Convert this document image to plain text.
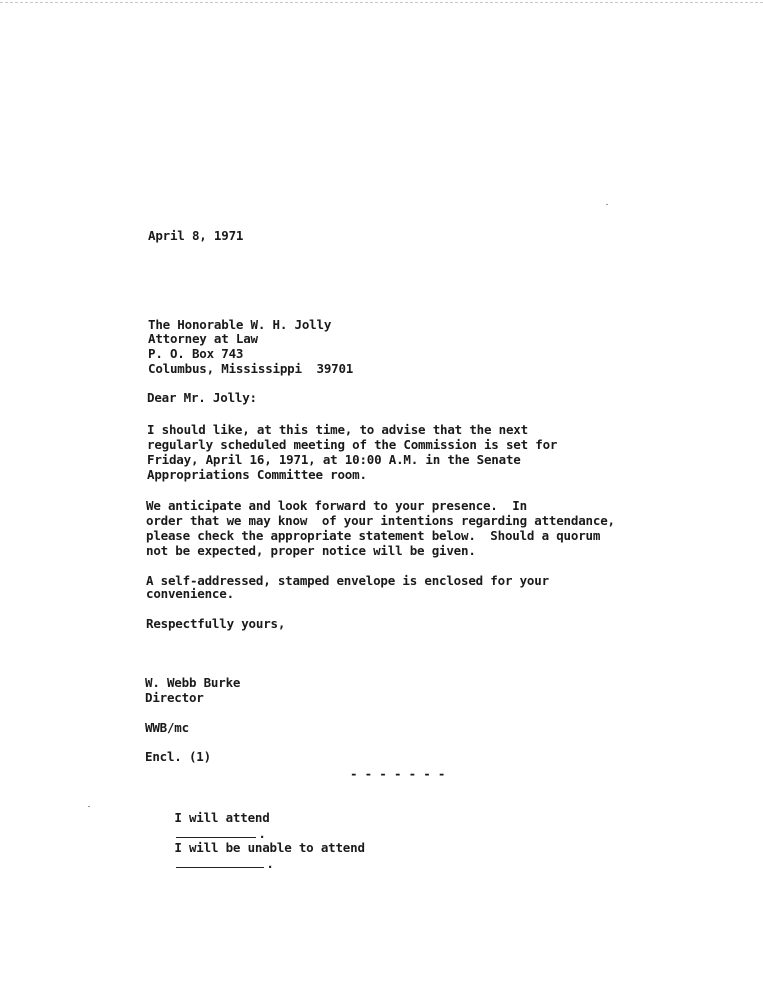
April 8, 1971
The Honorable W. H. Jolly
Attorney at Law
P. O. Box 743
Columbus, Mississippi  39701
Dear Mr. Jolly:
I should like, at this time, to advise that the next
regularly scheduled meeting of the Commission is set for
Friday, April 16, 1971, at 10:00 A.M. in the Senate
Appropriations Committee room.
We anticipate and look forward to your presence.  In
order that we may know  of your intentions regarding attendance,
please check the appropriate statement below.  Should a quorum
not be expected, proper notice will be given.
A self-addressed, stamped envelope is enclosed for your
convenience.
Respectfully yours,
W. Webb Burke
Director
WWB/mc
Encl. (1)
- - - - - - -

I will attend
.

I will be unable to attend
.
